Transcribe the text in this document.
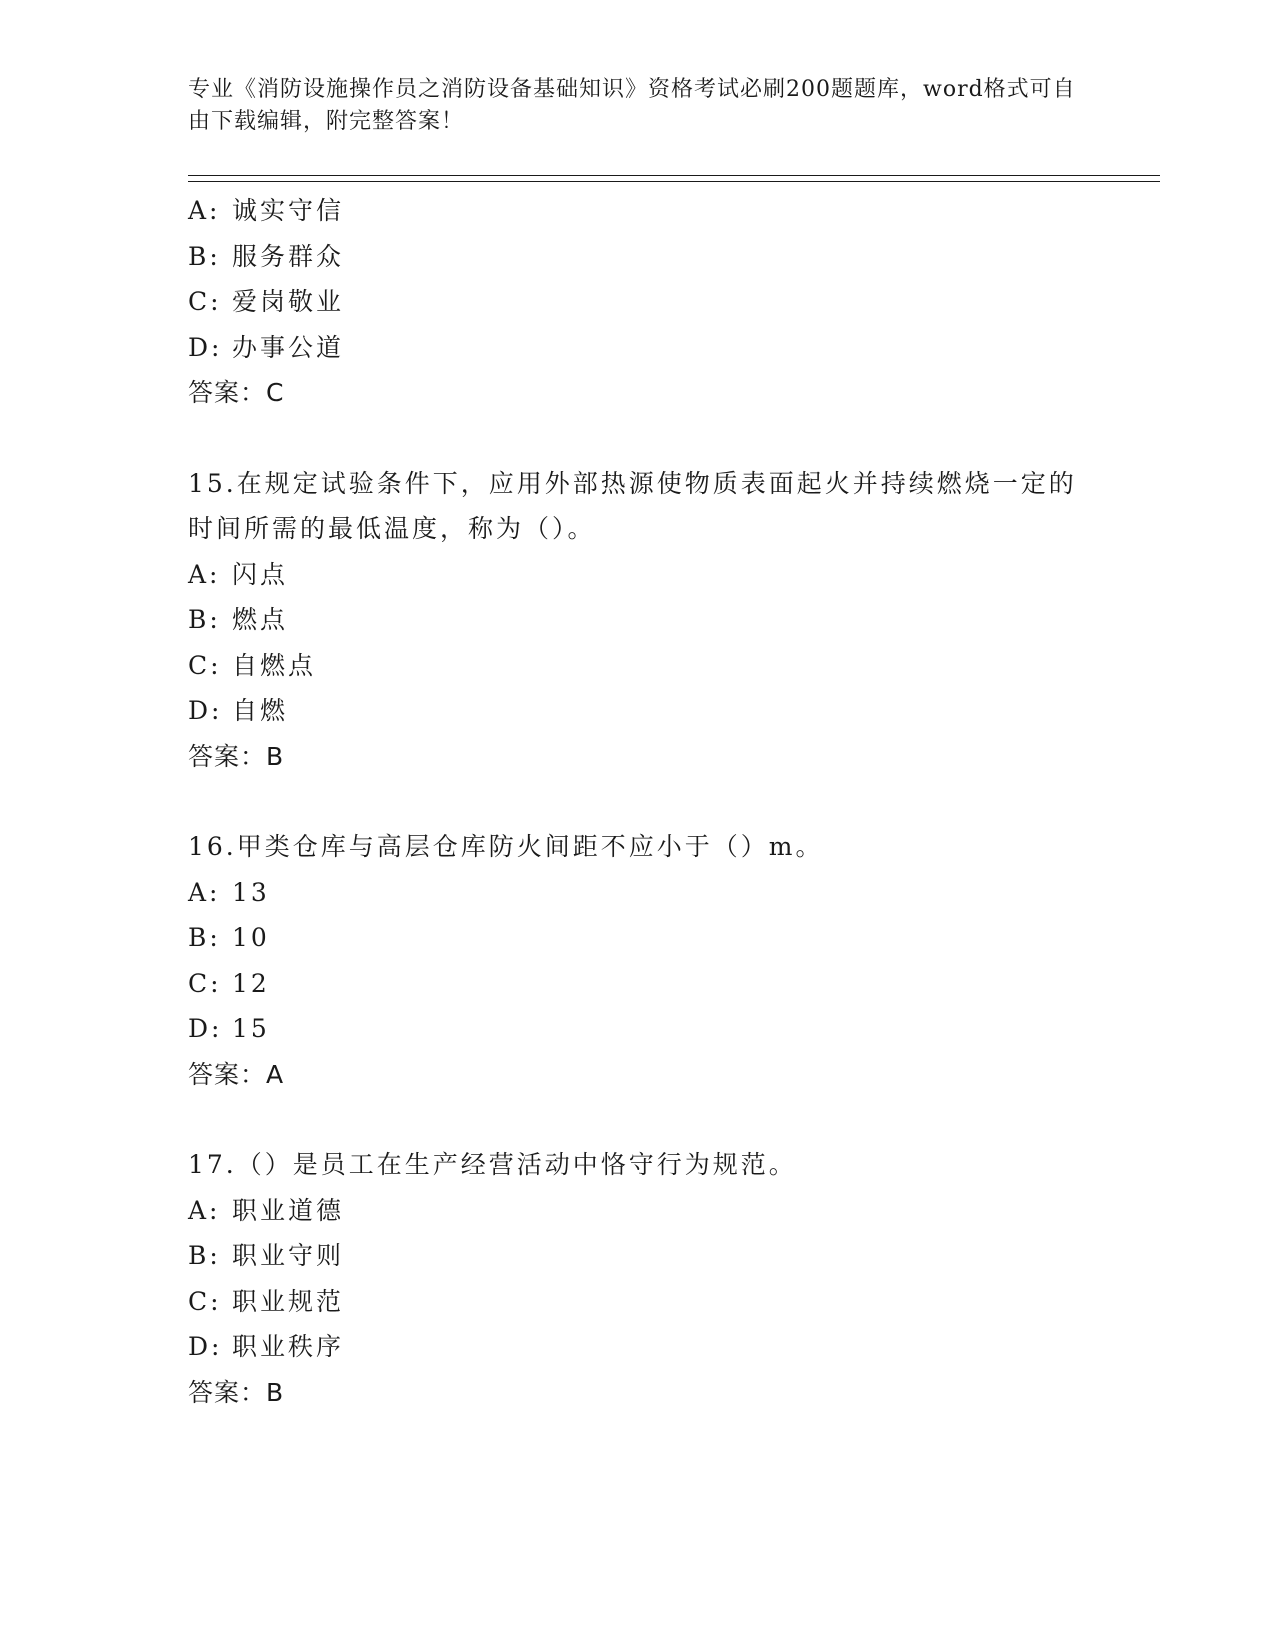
专业《消防设施操作员之消防设备基础知识》资格考试必刷200题题库，word格式可自由下载编辑，附完整答案！
A: 诚实守信
B: 服务群众
C: 爱岗敬业
D: 办事公道
答案：C
15.在规定试验条件下，应用外部热源使物质表面起火并持续燃烧一定的时间所需的最低温度，称为（）。
A: 闪点
B: 燃点
C: 自燃点
D: 自燃
答案：B
16.甲类仓库与高层仓库防火间距不应小于（）m。
A: 13
B: 10
C: 12
D: 15
答案：A
17.（）是员工在生产经营活动中恪守行为规范。
A: 职业道德
B: 职业守则
C: 职业规范
D: 职业秩序
答案：B
